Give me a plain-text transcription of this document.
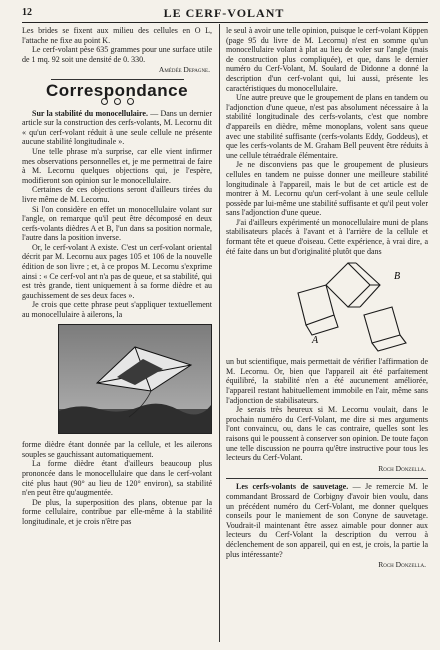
12	LE CERF-VOLANT

Les brides se fixent aux milieu des cellules en O L, l'attache ne fixe au point K.

Le cerf-volant pèse 635 grammes pour une surface utile de 1 mq. 92 soit une densité de 0. 330.

Amédée Depagne.
Correspondance

Sur la stabilité du monocellulaire. — Dans un dernier article sur la construction des cerfs-volants, M. Lecornu dit « qu'un cerf-volant réduit à une seule cellule ne présente aucune stabilité longitudinale ».

Une telle phrase m'a surprise, car elle vient infirmer mes observations personnelles et, je me permettrai de faire à M. Lecornu quelques objections qui, je l'espère, modifieront son opinion sur le monocellulaire.

Certaines de ces objections seront d'ailleurs tirées du livre même de M. Lecornu.

Si l'on considère en effet un monocellulaire volant sur l'angle, on remarque qu'il peut être décomposé en deux cerfs-volants dièdres A et B, l'un dans sa position normale, l'autre dans la position inverse.

Or, le cerf-volant A existe. C'est un cerf-volant oriental décrit par M. Lecornu aux pages 105 et 106 de la nouvelle édition de son livre ; et, à ce propos M. Lecornu s'exprime ainsi : « Ce cerf-vol ant n'a pas de queue, et sa stabilité, qui est très grande, tient uniquement à sa forme dièdre et au gauchissement de ses deux faces ».

Je crois que cette phrase peut s'appliquer textuellement au monocellulaire à ailerons, la

forme dièdre étant donnée par la cellule, et les ailerons souples se gauchissant automatiquement.

La forme dièdre étant d'ailleurs beaucoup plus prononcée dans le monocellulaire que dans le cerf-volant cité plus haut (90° au lieu de 120° environ), sa stabilité n'en peut être qu'augmentée.

De plus, la superposition des plans, obtenue par la forme cellulaire, contribue par elle-même à la stabilité longitudinale, et je crois n'être pas

le seul à avoir une telle opinion, puisque le cerf-volant Köppen (page 95 du livre de M. Lecornu) n'est en somme qu'un monocellulaire volant à plat au lieu de voler sur l'angle (mais de construction plus compliquée), et que, dans le dernier numéro du Cerf-Volant, M. Soulard de Didonne a donné la description d'un cerf-volant qui, lui aussi, présente les caractéristiques du monocellulaire.

Une autre preuve que le groupement de plans en tandem ou l'adjonction d'une queue, n'est pas absolument nécessaire à la stabilité longitudinale des cerfs-volants, c'est que nombre d'appareils en dièdre, même monoplans, volent sans queue avec une stabilité suffisante (cerfs-volants Eddy, Goddeus), et que les cerfs-volants de M. Graham Bell peuvent être réduits à une cellule tétraédrale élémentaire.

Je ne disconviens pas que le groupement de plusieurs cellules en tandem ne puisse donner une meilleure stabilité longitudinale à l'appareil, mais le but de cet article est de montrer à M. Lecornu qu'un cerf-volant à une seule cellule possède par lui-même une stabilité suffisante et qu'il peut voler sans l'adjonction d'une queue.

J'ai d'ailleurs expérimenté un monocellulaire muni de plans stabilisateurs placés à l'avant et à l'arrière de la cellule et formant tête et queue d'oiseau. Cette expérience, à vrai dire, a été faite dans un but d'originalité plutôt que dans

A
B

un but scientifique, mais permettait de vérifier l'affirmation de M. Lecornu. Or, bien que l'appareil ait été parfaitement équilibré, la stabilité n'en a été aucunement améliorée, l'appareil restant habituellement immobile en l'air, même sans l'adjonction de stabilisateurs.

Je serais très heureux si M. Lecornu voulait, dans le prochain numéro du Cerf-Volant, me dire si mes arguments l'ont convaincu, ou, dans le cas contraire, quelles sont les raisons qui le poussent à conserver son opinion. De toute façon une telle discussion ne pourra qu'être instructive pour tous les lecteurs du Cerf-Volant.

Roch Donzella.

Les cerfs-volants de sauvetage. — Je remercie M. le commandant Brossard de Corbigny d'avoir bien voulu, dans un précédent numéro du Cerf-Volant, me donner quelques conseils pour le maniement de son Conyne de sauvetage. Voudrait-il maintenant être assez aimable pour donner aux lecteurs du Cerf-Volant la description du verrou à déclenchement de son appareil, qui en est, je crois, la partie la plus intéressante?

Roch Donzella.
